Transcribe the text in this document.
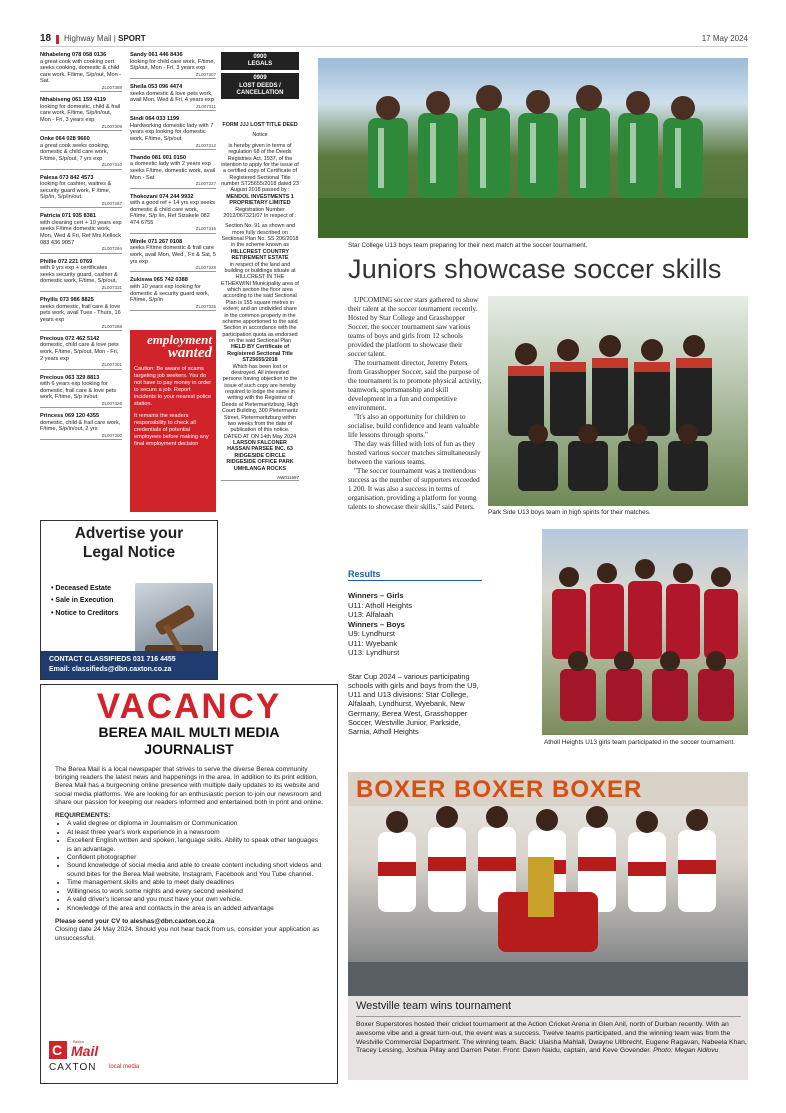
18 Highway Mail | SPORT	17 May 2024
Nthabeleng 078 058 0136
a great cook with cooking cert seeks cooking, domestic & child care work, F/time, S/p/out, Mon - Sat.
ZL007388
Nthabiseng 061 159 4119
looking for domestic, child & frail care work, F/time, S/p/in/out, Mon - Fri, 3 years exp
ZL007309
Onke 064 028 9660
a great cook seeks cooking, domestic & child care work, F/time, S/p/out, 7 yrs exp
ZL007310
Palesa 073 842 4573
looking for cashier, waitres & security guard work, F /time, S/p/in, S/p/in/out
ZL007287
Patricia 071 935 8381
with cleaning cert + 10 years exp seeks F/time domestic work, Mon, Wed & Fri, Ref Mrs Kellock 083 436 9057
ZL007294
Phillie 072 221 0769
with 9 yrs exp + certificates seeks security guard, cashier & domestic work, F/time, S/p/out,
ZL007331
Phyllis 073 986 8825
seeks domestic, frail care & love pets work, avail Tues - Thurs, 16 years exp
ZL007288
Precious 072 462 5142
domestic, child care & love pets work, F/time, S/p/out, Mon - Fri, 2 years exp
ZL007301
Precious 063 329 8813
with 6 years exp looking for domestic, frail care & love pets work, F/time, S/p in/out
ZL007326
Princess 069 120 4355
domestic, child & frail care work, F/time, S/p/in/out, 2 yrs
ZL007300
Sandy 061 446 8436
looking for child care work, F/time, S/p/out, Mon - Fri, 3 years exp
ZL007307
Sheila 053 096 4474
seeks domestic & love pets work, avail Mon, Wed & Fri, 4 years exp
ZL007311
Sindi 064 033 1199
Hardworking domestic lady with 7 years exp looking for domestic work, F/time, S/p/out
ZL007312
Thando 081 001 0150
a domestic lady with 2 years exp seeks F/time, domestic work, avail Mon - Sat
ZL007327
Thokozani 074 244 9932
with a good ref + 14 yrs exp seeks domestic & child care work, F/time, S/p /in, Ref Sizakele 082 474 6755
ZL007316
Winile 071 267 0108
seeks F/time domestic & frail care work, avail Mon, Wed , Fri & Sat, 5 yrs exp
ZL007328
Zukiswa 065 742 0388
with 10 years exp looking for domestic & security guard work, F/time, S/p/in
ZL007325
0900
LEGALS
0909
LOST DEEDS / CANCELLATION
FORM JJJ LOST TITLE DEED
Notice
is hereby given in terms of regulation 68 of the Deeds Registries Act, 1937, of the intention to apply for the issue of a certified copy of Certificate of Registered Sectional Title number ST25655/2018 dated 23 August 2018 passed by :
MENDOL INVESTMENTS 1 PROPRIETARY LIMITED
Registration Number 2012/067321/07 In respect of :
Section No. 91 as shown and more fully described on Sectional Plan No. SS 206/2018 in the scheme known as
HILLCREST COUNTRY RETIREMENT ESTATE
in respect of the land and building or buildings situate at HILLCREST IN THE ETHEKWINI Municipality area of which section the floor area according to the said Sectional Plan is 155 square metres in extent; and an undivided share in the common property in the scheme apportioned to the said Section in accordance with the participation quota as endorsed on the said Sectional Plan
HELD BY Certificate of Registered Sectional Title ST25655/2018
Which has been lost or destroyed. All interested persons having objection to the issue of such copy are hereby required to lodge the same in writing with the Registrar of Deeds at Pietermaritzburg, High Court Building, 300 Pietermaritz Street, Pietermaritzburg within two weeks from the date of publication of this notice. DATED AT ON 14th May 2024
LARSON FALCONER HASSAN PARSEE INC. 63 RIDGESIDE CIRCLE RIDGESIDE OFFICE PARK UMHLANGA ROCKS
AW011597
employment
wanted
Caution: Be aware of scams targeting job seekers. You do not have to pay money in order to secure a job. Report incidents to your nearest police station.
It remains the readers responsibility to check all credentials of potential employees before making any final employment decision
Advertise your Legal Notice
• Deceased Estate
• Sale in Execution
• Notice to Creditors
CONTACT CLASSIFIEDS 031 716 4455
Email: classifieds@dbn.caxton.co.za
VACANCY
BEREA MAIL MULTI MEDIA JOURNALIST
The Berea Mail is a local newspaper that strives to serve the diverse Berea community bringing readers the latest news and happenings in the area. In addition to its print edition, Berea Mail has a burgeoning online presence with multiple daily updates to its website and social media platforms. We are looking for an enthusiastic person to join our newsroom and share our passion for keeping our readers informed and entertained both in print and online.
REQUIREMENTS:
• A valid degree or diploma in Journalism or Communication
• At least three year's work experience in a newsroom
• Excellent English written and spoken, language skills. Ability to speak other languages is an advantage.
• Confident photographer
• Sound knowledge of social media and able to create content including short videos and sound bites for the Berea Mail website, Instagram, Facebook and You Tube channel.
• Time management skills and able to meet daily deadlines
• Willingness to work some nights and every second weekend
• A valid driver's license and you must have your own vehicle.
• Knowledge of the area and contacts in the area is an added advantage
Please send your CV to aleshas@dbn.caxton.co.za
Closing date 24 May 2024. Should you not hear back from us, consider your application as unsuccessful.
C
Berea
Mail
CAXTON local media
Star College U13 boys team preparing for their next match at the soccer tournament.
Juniors showcase soccer skills

UPCOMING soccer stars gathered to show their talent at the soccer tournament recently. Hosted by Star College and Grasshopper Soccer, the soccer tournament saw various teams of boys and girls from 12 schools provided the platform to showcase their soccer talent.

The tournament director, Jeremy Peters from Grasshopper Soccer, said the purpose of the tournament is to promote physical activity, teamwork, sportsmanship and skill development in a fun and competitive environment.

"It's also an opportunity for children to socialise, build confidence and learn valuable life lessons through sports."

The day was filled with lots of fun as they hosted various soccer matches simultaneously between the various teams.

"The soccer tournament was a tremendous success as the number of supporters exceeded 1 200. It was also a success in terms of organisation, providing a platform for young talents to showcase their skills," said Peters.

Park Side U13 boys team in high spirits for their matches.
Atholl Heights U13 girls team participated in the soccer tournament.
Results
Winners – Girls
U11: Atholl Heights
U13: Alfalaah
Winners – Boys
U9: Lyndhurst
U11: Wyebank
U13: Lyndhurst
Star Cup 2024 – various participating schools with girls and boys from the U9, U11 and U13 divisions: Star College, Alfalaah, Lyndhurst, Wyebank, New Germany, Berea West, Grasshopper Soccer, Westville Junior, Parkside, Sarnia, Atholl Heights
BOXER BOXER BOXER
Westville team wins tournament
Boxer Superstores hosted their cricket tournament at the Action Cricket Arena in Glen Anil, north of Durban recently. With an awesome vibe and a great turn-out, the event was a success. Twelve teams participated, and the winning team was from the Westville Commercial Department. The winning team. Back: Ulaisha Mahlall, Dwayne Ullbrecht, Eugene Ragavan, Nabeela Khan, Tracey Lessing, Joshua Pillay and Darren Peter. Front: Dawn Naidu, captain, and Keve Govender. Photo: Megan Ndlovu
